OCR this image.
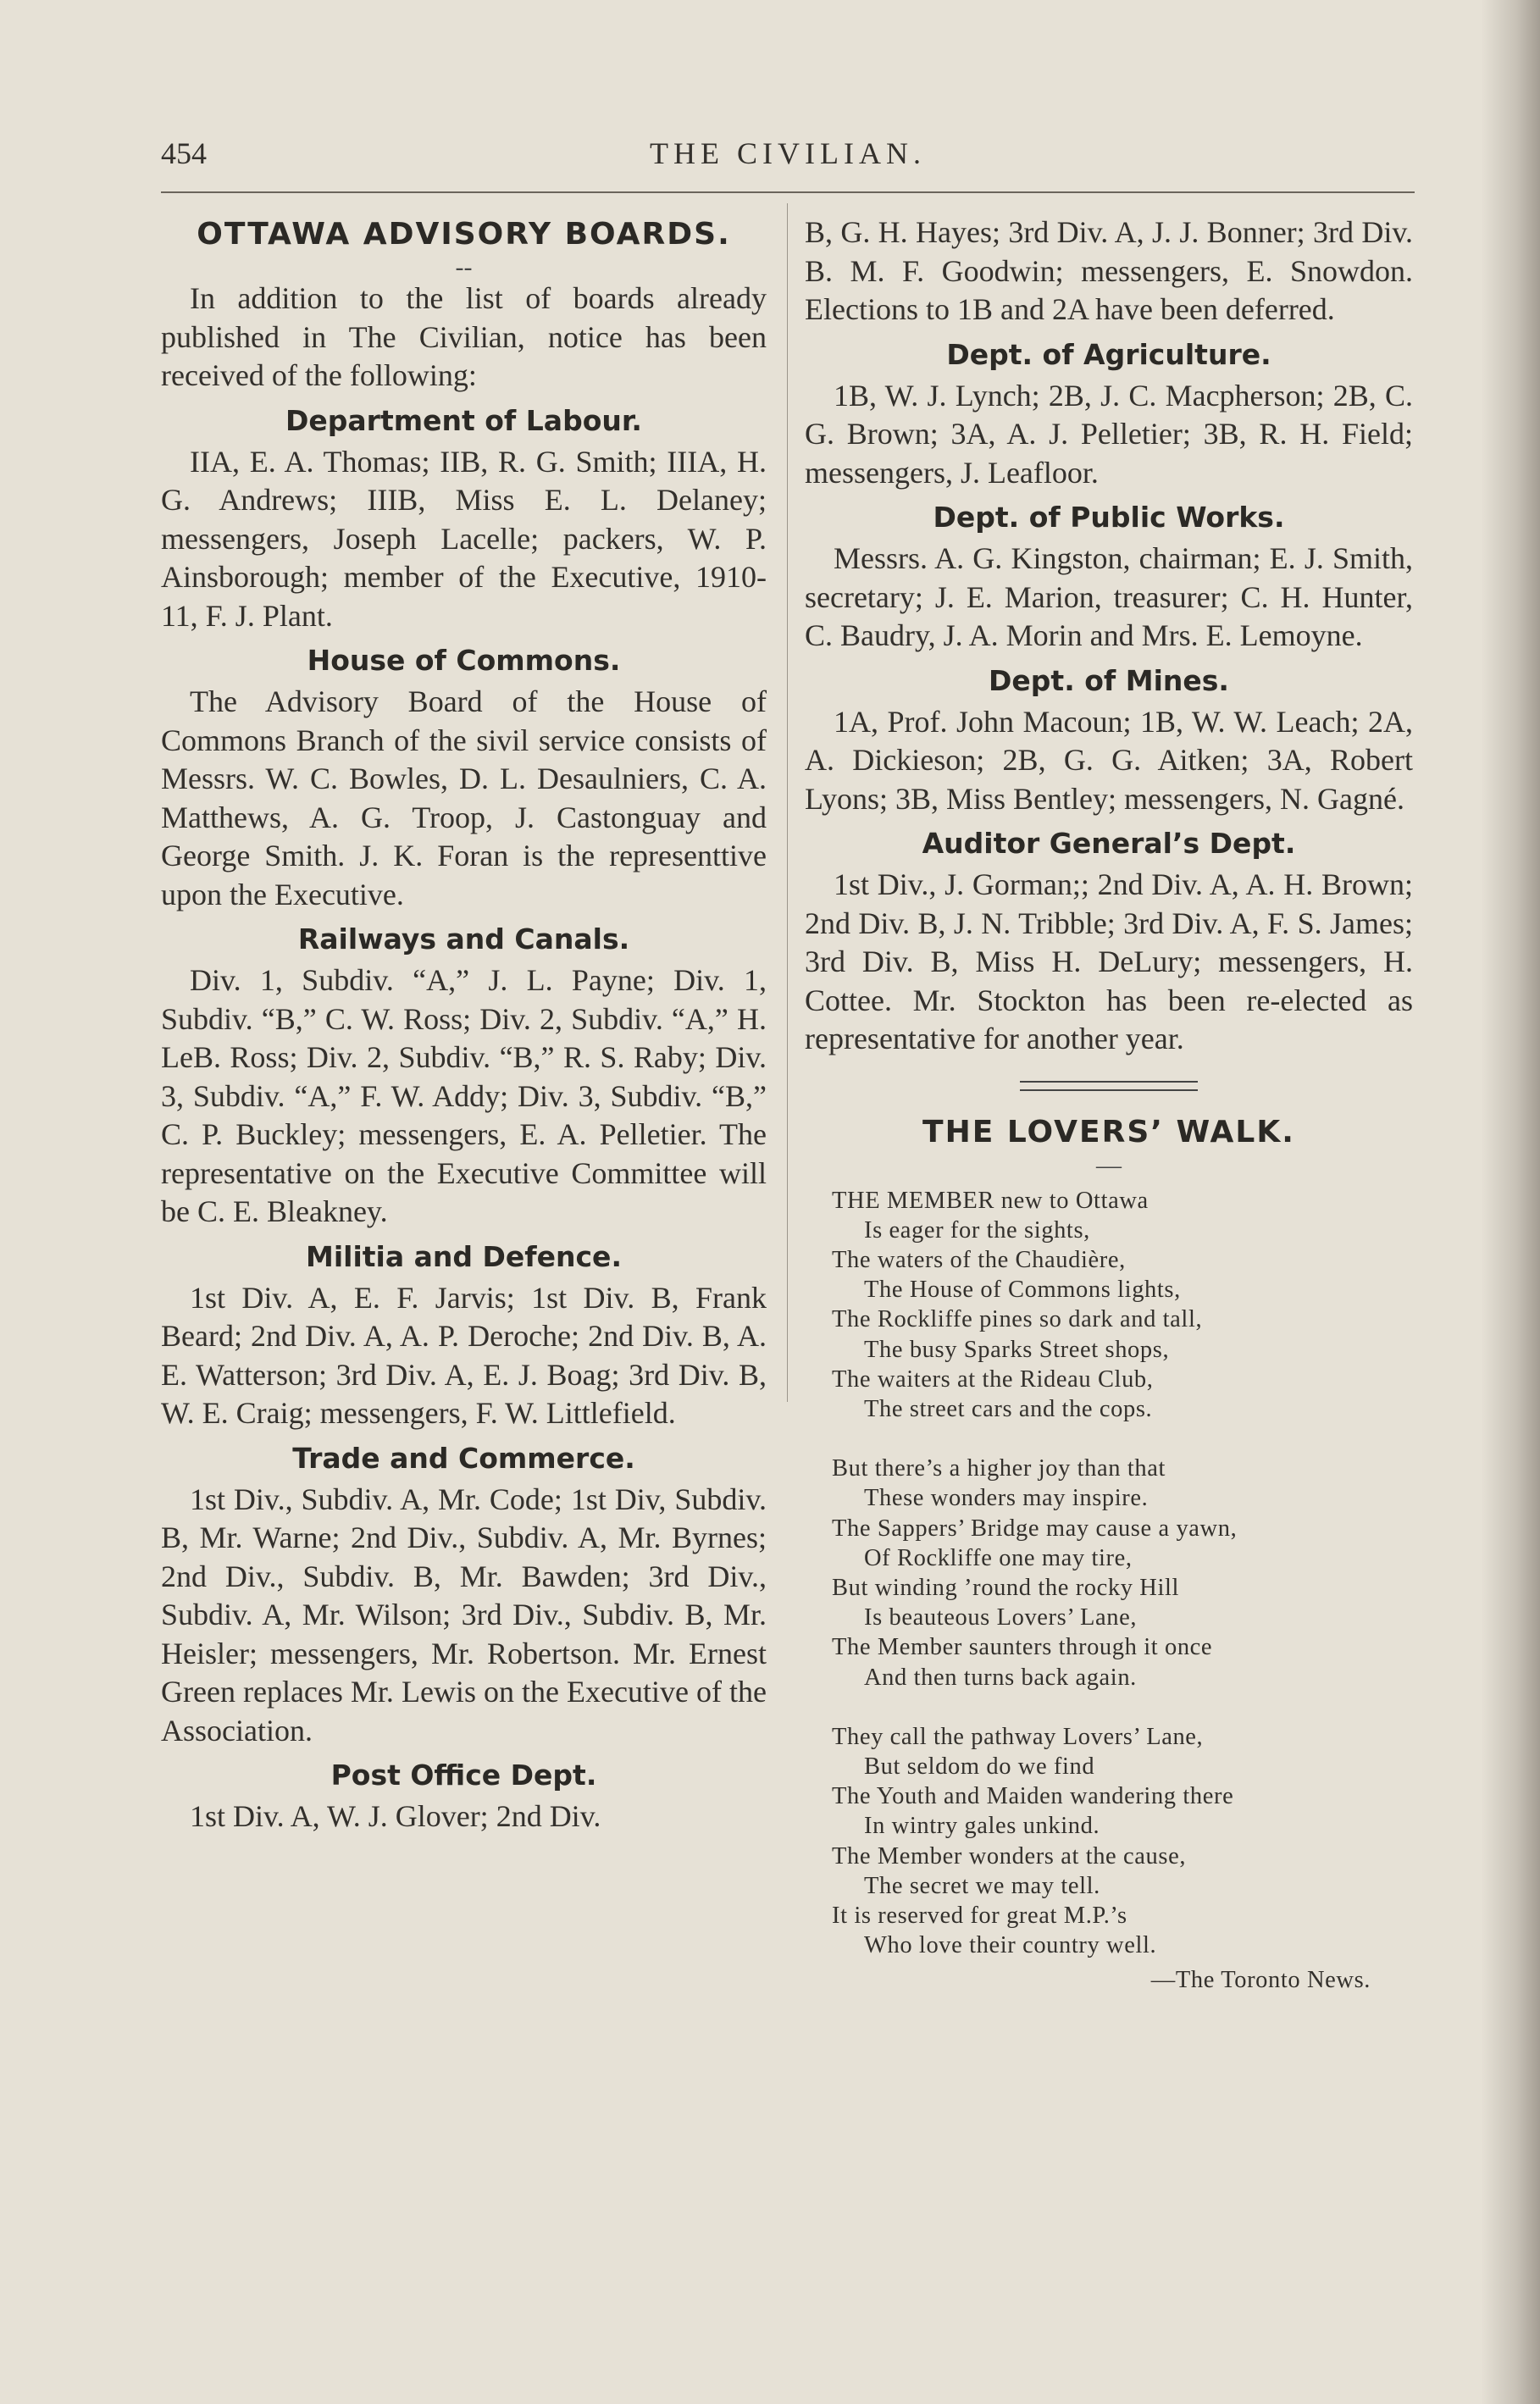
454	THE CIVILIAN.
OTTAWA ADVISORY BOARDS.
--

In addition to the list of boards already published in The Civilian, notice has been received of the following:

Department of Labour.

IIA, E. A. Thomas; IIB, R. G. Smith; IIIA, H. G. Andrews; IIIB, Miss E. L. Delaney; messengers, Joseph Lacelle; packers, W. P. Ainsborough; member of the Executive, 1910-11, F. J. Plant.

House of Commons.

The Advisory Board of the House of Commons Branch of the sivil service consists of Messrs. W. C. Bowles, D. L. Desaulniers, C. A. Matthews, A. G. Troop, J. Castonguay and George Smith. J. K. Foran is the representtive upon the Executive.

Railways and Canals.

Div. 1, Subdiv. “A,” J. L. Payne; Div. 1, Subdiv. “B,” C. W. Ross; Div. 2, Subdiv. “A,” H. LeB. Ross; Div. 2, Subdiv. “B,” R. S. Raby; Div. 3, Subdiv. “A,” F. W. Addy; Div. 3, Subdiv. “B,” C. P. Buckley; messengers, E. A. Pelletier. The representative on the Executive Committee will be C. E. Bleakney.

Militia and Defence.

1st Div. A, E. F. Jarvis; 1st Div. B, Frank Beard; 2nd Div. A, A. P. Deroche; 2nd Div. B, A. E. Watterson; 3rd Div. A, E. J. Boag; 3rd Div. B, W. E. Craig; messengers, F. W. Littlefield.

Trade and Commerce.

1st Div., Subdiv. A, Mr. Code; 1st Div, Subdiv. B, Mr. Warne; 2nd Div., Subdiv. A, Mr. Byrnes; 2nd Div., Subdiv. B, Mr. Bawden; 3rd Div., Subdiv. A, Mr. Wilson; 3rd Div., Subdiv. B, Mr. Heisler; messengers, Mr. Robertson. Mr. Ernest Green replaces Mr. Lewis on the Executive of the Association.

Post Office Dept.

1st Div. A, W. J. Glover; 2nd Div.

B, G. H. Hayes; 3rd Div. A, J. J. Bonner; 3rd Div. B. M. F. Goodwin; messengers, E. Snowdon. Elections to 1B and 2A have been deferred.

Dept. of Agriculture.

1B, W. J. Lynch; 2B, J. C. Macpherson; 2B, C. G. Brown; 3A, A. J. Pelletier; 3B, R. H. Field; messengers, J. Leafloor.

Dept. of Public Works.

Messrs. A. G. Kingston, chairman; E. J. Smith, secretary; J. E. Marion, treasurer; C. H. Hunter, C. Baudry, J. A. Morin and Mrs. E. Lemoyne.

Dept. of Mines.

1A, Prof. John Macoun; 1B, W. W. Leach; 2A, A. Dickieson; 2B, G. G. Aitken; 3A, Robert Lyons; 3B, Miss Bentley; messengers, N. Gagné.

Auditor General’s Dept.

1st Div., J. Gorman;; 2nd Div. A, A. H. Brown; 2nd Div. B, J. N. Tribble; 3rd Div. A, F. S. James; 3rd Div. B, Miss H. DeLury; messengers, H. Cottee. Mr. Stockton has been re-elected as representative for another year.

THE LOVERS’ WALK.
—
THE MEMBER new to Ottawa
Is eager for the sights,
The waters of the Chaudière,
The House of Commons lights,
The Rockliffe pines so dark and tall,
The busy Sparks Street shops,
The waiters at the Rideau Club,
The street cars and the cops.
But there’s a higher joy than that
These wonders may inspire.
The Sappers’ Bridge may cause a yawn,
Of Rockliffe one may tire,
But winding ’round the rocky Hill
Is beauteous Lovers’ Lane,
The Member saunters through it once
And then turns back again.
They call the pathway Lovers’ Lane,
But seldom do we find
The Youth and Maiden wandering there
In wintry gales unkind.
The Member wonders at the cause,
The secret we may tell.
It is reserved for great M.P.’s
Who love their country well.
—The Toronto News.
